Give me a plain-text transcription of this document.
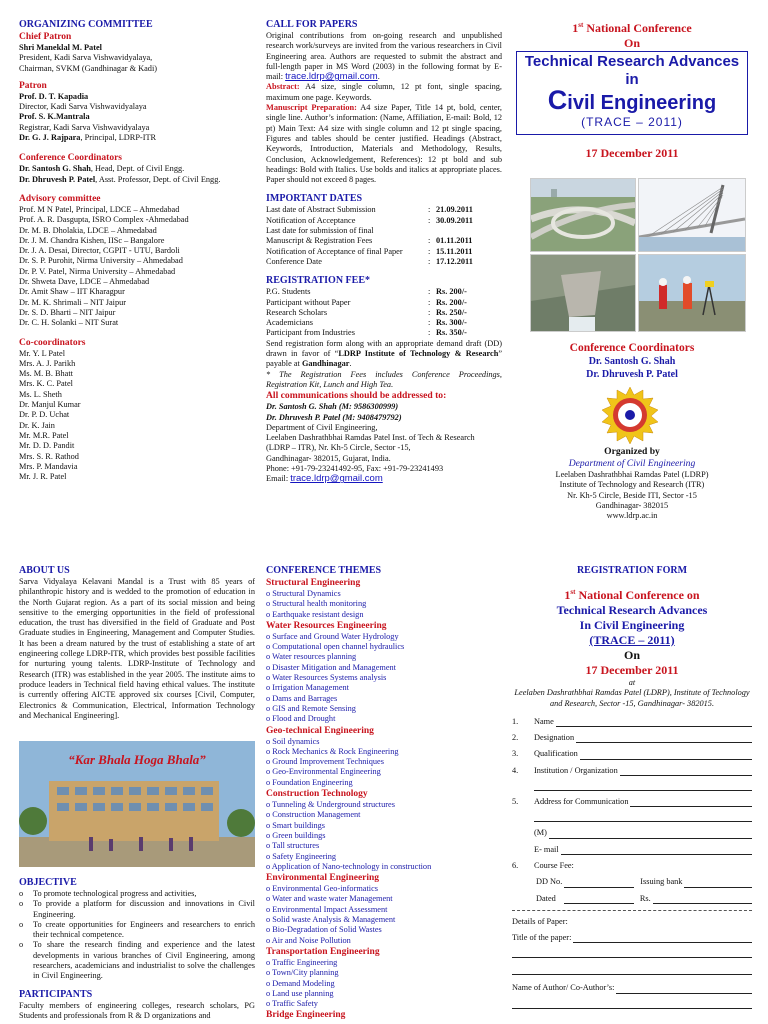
ORGANIZING COMMITTEE
Chief Patron
Shri Maneklal M. Patel
President, Kadi Sarva Vishwavidyalaya,
Chairman, SVKM (Gandhinagar & Kadi)
Patron
Prof. D. T. Kapadia
Director, Kadi Sarva Vishwavidyalaya
Prof. S. K.Mantrala
Registrar, Kadi Sarva Vishwavidyalaya
Dr. G. J. Rajpara, Principal, LDRP-ITR
Conference Coordinators
Dr. Santosh G. Shah, Head, Dept. of Civil Engg.
Dr. Dhruvesh P. Patel, Asst. Professor, Dept. of Civil Engg.
Advisory committee
Prof. M N Patel, Principal, LDCE – Ahmedabad
Prof. A. R. Dasgupta, ISRO Complex -Ahmedabad
Dr. M. B. Dholakia, LDCE – Ahmedabad
Dr. J. M. Chandra Kishen, IISc – Bangalore
Dr. J. A. Desai, Director, CGPIT - UTU, Bardoli
Dr. S. P. Purohit, Nirma University – Ahmedabad
Dr. P. V. Patel, Nirma University – Ahmedabad
Dr. Shweta Dave, LDCE – Ahmedabad
Dr. Amit Shaw – IIT Kharagpur
Dr. M. K. Shrimali – NIT Jaipur
Dr. S. D. Bharti – NIT Jaipur
Dr. C. H. Solanki – NIT Surat
Co-coordinators
Mr. Y. L Patel
Mrs. A. J. Parikh
Ms. M. B. Bhatt
Mrs. K. C. Patel
Ms. L. Sheth
Dr. Manjul Kumar
Dr. P. D. Uchat
Dr. K. Jain
Mr. M.R. Patel
Mr. D. D. Pandit
Mrs. S. R. Rathod
Mrs. P. Mandavia
Mr. J. R. Patel
CALL FOR PAPERS
Original contributions from on-going research and unpublished research work/surveys are invited from the various researchers in Civil Engineering area. Authors are requested to submit the abstract and full-length paper in MS Word (2003) in the following format by E-mail: trace.ldrp@gmail.com.
Abstract: A4 size, single column, 12 pt font, single spacing, maximum one page. Keywords.
Manuscript Preparation: A4 size Paper, Title 14 pt, bold, center, single line. Author’s information: (Name, Affiliation, E-mail: Bold, 12 pt) Main Text: A4 size with single column and 12 pt single spacing, Figures and tables should be center justified. Headings (Abstract, Keywords, Introduction, Materials and Methodology, Results, Conclusion, Acknowledgement, References): 12 pt bold and sub headings: Bold with Italics. Use bolds and italics at appropriate places. Paper should not exceed 8 pages.
IMPORTANT DATES
Last date of Abstract Submission	: 21.09.2011
Notification of Acceptance	: 30.09.2011
Last date for submission of final
Manuscript & Registration Fees	: 01.11.2011
Notification of Acceptance of final Paper	: 15.11.2011
Conference Date	: 17.12.2011
REGISTRATION FEE*
P.G. Students	: Rs. 200/-
Participant without Paper	: Rs. 200/-
Research Scholars	: Rs. 250/-
Academicians	: Rs. 300/-
Participant from Industries	: Rs. 350/-
Send registration form along with an appropriate demand draft (DD) drawn in favor of “LDRP Institute of Technology & Research” payable at Gandhinagar.
* The Registration Fees includes Conference Proceedings, Registration Kit, Lunch and High Tea.
All communications should be addressed to:
Dr. Santosh G. Shah (M: 9586300999)
Dr. Dhruvesh P. Patel (M: 9408479792)
Department of Civil Engineering,
Leelaben Dashrathbhai Ramdas Patel Inst. of Tech & Research
(LDRP – ITR), Nr. Kh-5 Circle, Sector -15,
Gandhinagar- 382015, Gujarat, India.
Phone: +91-79-23241492-95, Fax: +91-79-23241493
Email: trace.ldrp@gmail.com
1st National Conference
On
Technical Research Advances
in
Civil Engineering
(TRACE – 2011)
17 December 2011
Conference Coordinators
Dr. Santosh G. Shah
Dr. Dhruvesh P. Patel
Organized by
Department of Civil Engineering
Leelaben Dashrathbhai Ramdas Patel (LDRP)
Institute of Technology and Research (ITR)
Nr. Kh-5 Circle, Beside ITI, Sector -15
Gandhinagar- 382015
www.ldrp.ac.in
ABOUT US
Sarva Vidyalaya Kelavani Mandal is a Trust with 85 years of philanthropic history and is wedded to the promotion of education in the North Gujarat region. As a part of its social mission and being sensitive to the emerging opportunities in the field of professional education, the trust has diversified in the field of Graduate and Post Graduate studies in Engineering, Management and Computer Studies. It has been a dream natured by the trust of establishing a state of art engineering college LDRP-ITR, which provides best possible facilities for nurturing young talents. LDRP-Institute of Technology and Research (ITR) was established in the year 2005. The institute aims to produce leaders in Technical field having ethical values. The institute is currently offering AICTE approved six courses [Civil, Computer, Electronics & Communication, Electrical, Information Technology and Mechanical Engineering].
“Kar Bhala Hoga Bhala”
OBJECTIVE
o	To promote technological progress and activities,
o	To provide a platform for discussion and innovations in Civil Engineering.
o	To create opportunities for Engineers and researchers to enrich their technical competence.
o	To share the research finding and experience and the latest developments in various branches of Civil Engineering, among researchers, academicians and industrialist to solve the challenges in Civil Engineering.
PARTICIPANTS
Faculty members of engineering colleges, research scholars, PG Students and professionals from R & D organizations and
CONFERENCE THEMES
Structural Engineering
o Structural Dynamics
o Structural health monitoring
o Earthquake resistant design
Water Resources Engineering
o Surface and Ground Water Hydrology
o Computational open channel hydraulics
o Water resources planning
o Disaster Mitigation and Management
o Water Resources Systems analysis
o Irrigation Management
o Dams and Barrages
o GIS and Remote Sensing
o Flood and Drought
Geo-technical Engineering
o Soil dynamics
o Rock Mechanics & Rock Engineering
o Ground Improvement Techniques
o Geo-Environmental Engineering
o Foundation Engineering
Construction Technology
o Tunneling & Underground structures
o Construction Management
o Smart buildings
o Green buildings
o Tall structures
o Safety Engineering
o Application of Nano-technology in construction
Environmental Engineering
o Environmental Geo-informatics
o Water and waste water Management
o Environmental Impact Assessment
o Solid waste Analysis & Management
o Bio-Degradation of Solid Wastes
o Air and Noise Pollution
Transportation Engineering
o Traffic Engineering
o Town/City planning
o Demand Modeling
o Land use planning
o Traffic Safety
Bridge Engineering
REGISTRATION FORM
1st National Conference on
Technical Research Advances
In Civil Engineering
(TRACE – 2011)
On
17 December 2011
at
Leelaben Dashrathbhai Ramdas Patel (LDRP), Institute of Technology and Research, Sector -15, Gandhinagar- 382015.
1.	Name
2.	Designation
3.	Qualification
4.	Institution / Organization
5.	Address for Communication
(M)
E- mail
6.	Course Fee:
DD No.	Issuing bank
Dated	Rs.
Details of Paper:
Title of the paper:
Name of Author/ Co-Author’s:
